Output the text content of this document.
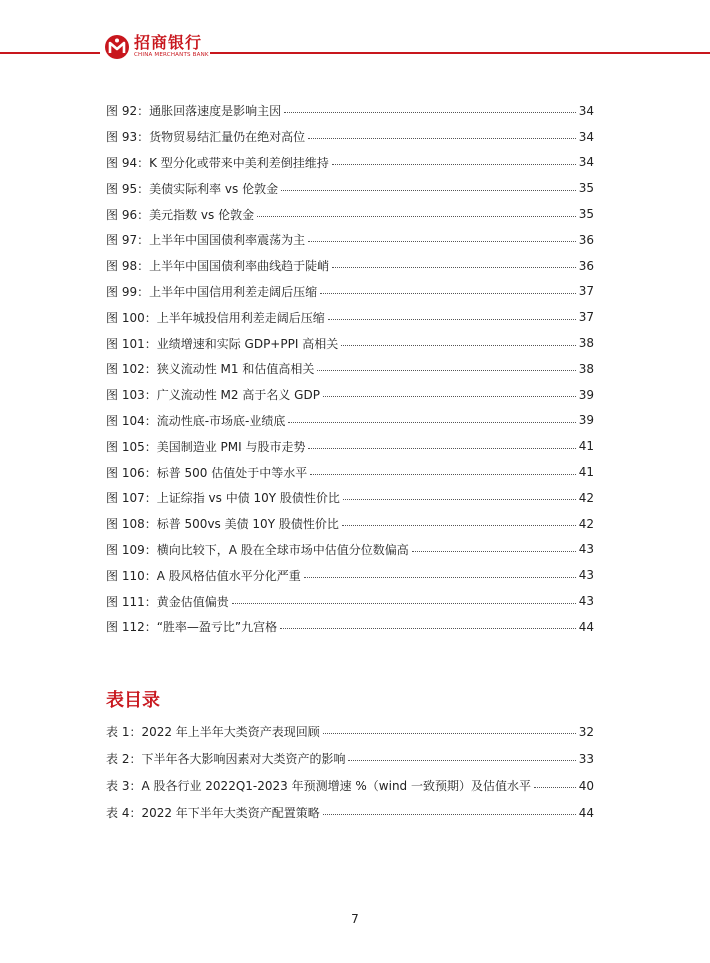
招商银行
CHINA MERCHANTS BANK
图 92：通胀回落速度是影响主因	34
图 93：货物贸易结汇量仍在绝对高位	34
图 94：K 型分化或带来中美利差倒挂维持	34
图 95：美债实际利率 vs 伦敦金	35
图 96：美元指数 vs 伦敦金	35
图 97：上半年中国国债利率震荡为主	36
图 98：上半年中国国债利率曲线趋于陡峭	36
图 99：上半年中国信用利差走阔后压缩	37
图 100：上半年城投信用利差走阔后压缩	37
图 101：业绩增速和实际 GDP+PPI 高相关	38
图 102：狭义流动性 M1 和估值高相关	38
图 103：广义流动性 M2 高于名义 GDP	39
图 104：流动性底-市场底-业绩底	39
图 105：美国制造业 PMI 与股市走势	41
图 106：标普 500 估值处于中等水平	41
图 107：上证综指 vs 中债 10Y 股债性价比	42
图 108：标普 500vs 美债 10Y 股债性价比	42
图 109：横向比较下，A 股在全球市场中估值分位数偏高	43
图 110：A 股风格估值水平分化严重	43
图 111：黄金估值偏贵	43
图 112：“胜率—盈亏比”九宫格	44
表目录
表 1：2022 年上半年大类资产表现回顾	32
表 2：下半年各大影响因素对大类资产的影响	33
表 3：A 股各行业 2022Q1-2023 年预测增速 %（wind 一致预期）及估值水平	40
表 4：2022 年下半年大类资产配置策略	44
7
